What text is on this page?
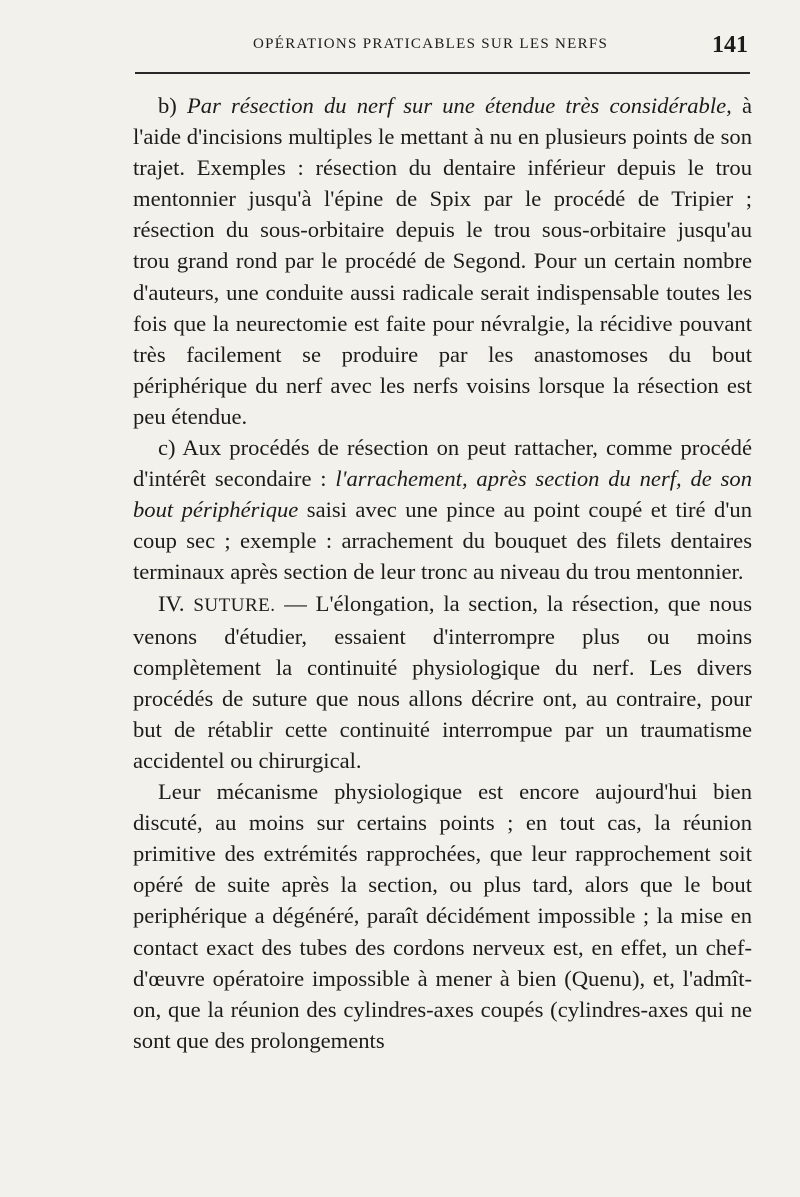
OPÉRATIONS PRATICABLES SUR LES NERFS	141

b) Par résection du nerf sur une étendue très considérable, à l'aide d'incisions multiples le mettant à nu en plusieurs points de son trajet. Exemples : résection du dentaire inférieur depuis le trou mentonnier jusqu'à l'épine de Spix par le procédé de Tripier ; résection du sous-orbitaire depuis le trou sous-orbitaire jusqu'au trou grand rond par le procédé de Segond. Pour un certain nombre d'auteurs, une conduite aussi radicale serait indispensable toutes les fois que la neurectomie est faite pour névralgie, la récidive pouvant très facilement se produire par les anastomoses du bout périphérique du nerf avec les nerfs voisins lorsque la résection est peu étendue.

c) Aux procédés de résection on peut rattacher, comme procédé d'intérêt secondaire : l'arrachement, après section du nerf, de son bout périphérique saisi avec une pince au point coupé et tiré d'un coup sec ; exemple : arrachement du bouquet des filets dentaires terminaux après section de leur tronc au niveau du trou mentonnier.

IV. SUTURE. — L'élongation, la section, la résection, que nous venons d'étudier, essaient d'interrompre plus ou moins complètement la continuité physiologique du nerf. Les divers procédés de suture que nous allons décrire ont, au contraire, pour but de rétablir cette continuité interrompue par un traumatisme accidentel ou chirurgical.

Leur mécanisme physiologique est encore aujourd'hui bien discuté, au moins sur certains points ; en tout cas, la réunion primitive des extrémités rapprochées, que leur rapprochement soit opéré de suite après la section, ou plus tard, alors que le bout periphérique a dégénéré, paraît décidément impossible ; la mise en contact exact des tubes des cordons nerveux est, en effet, un chef-d'œuvre opératoire impossible à mener à bien (Quenu), et, l'admît-on, que la réunion des cylindres-axes coupés (cylindres-axes qui ne sont que des prolongements
